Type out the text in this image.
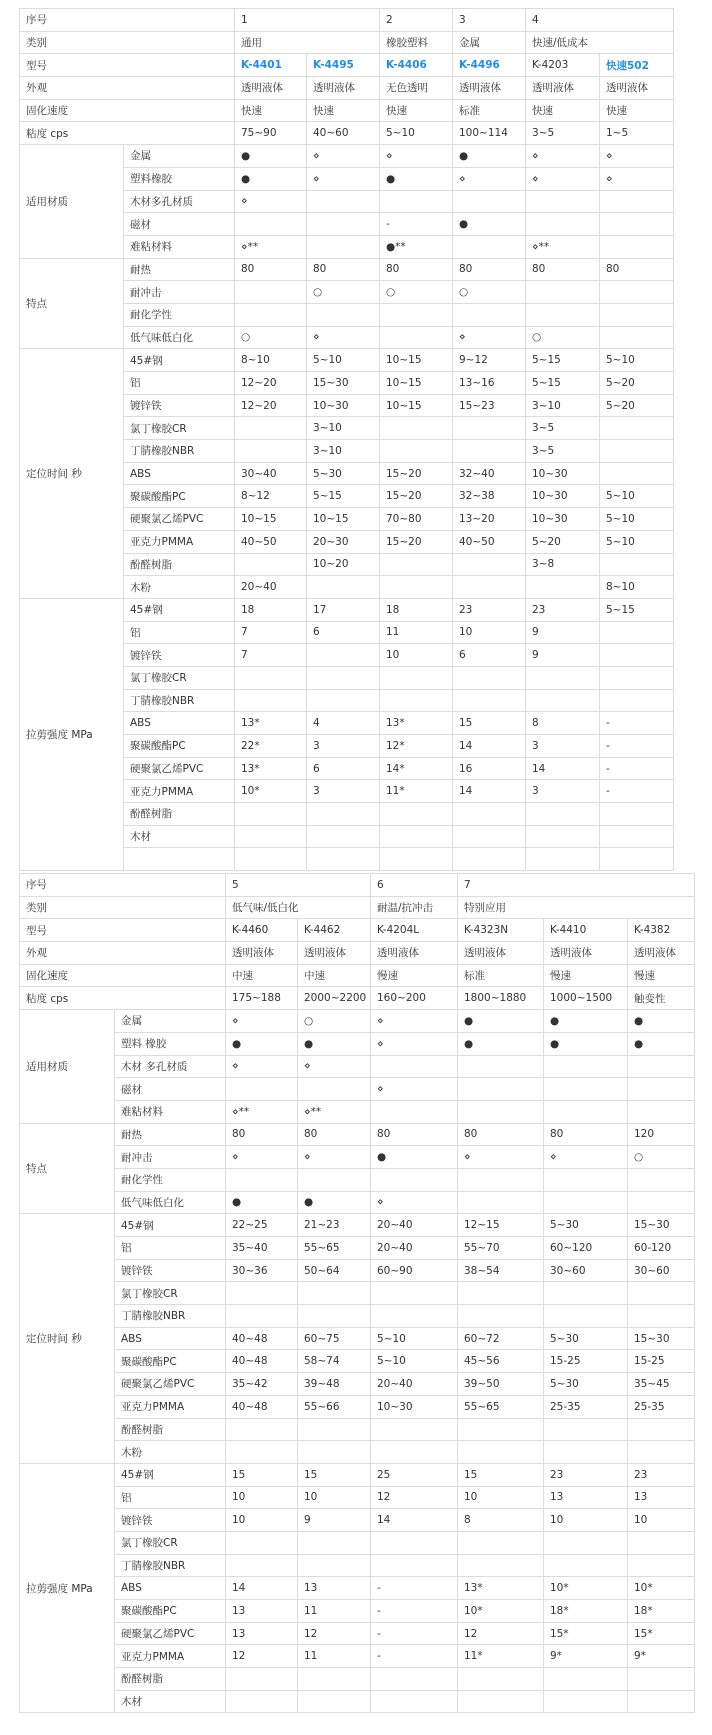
序号		1		2	3	4	
类别		通用		橡胶塑料	金属	快速/低成本	
型号		K-4401	K-4495	K-4406	K-4496	K-4203	快速502
外观		透明液体	透明液体	无色透明	透明液体	透明液体	透明液体
固化速度		快速	快速	快速	标准	快速	快速
粘度 cps		75~90	40~60	5~10	100~114	3~5	1~5
适用材质	金属	●	⋄	⋄	●	⋄	⋄
	塑料橡胶	●	⋄	●	⋄	⋄	⋄
	木材多孔材质	⋄					
	磁材			-	●		
	难粘材料	⋄**		●**		⋄**	
特点	耐热	80	80	80	80	80	80
	耐冲击		○	○	○		
	耐化学性						
	低气味低白化	○	⋄		⋄	○	
定位时间 秒	45#钢	8~10	5~10	10~15	9~12	5~15	5~10
	铝	12~20	15~30	10~15	13~16	5~15	5~20
	镀锌铁	12~20	10~30	10~15	15~23	3~10	5~20
	氯丁橡胶CR		3~10			3~5	
	丁腈橡胶NBR		3~10			3~5	
	ABS	30~40	5~30	15~20	32~40	10~30	
	聚碳酸酯PC	8~12	5~15	15~20	32~38	10~30	5~10
	硬聚氯乙烯PVC	10~15	10~15	70~80	13~20	10~30	5~10
	亚克力PMMA	40~50	20~30	15~20	40~50	5~20	5~10
	酚醛树脂		10~20			3~8	
	木粉	20~40					8~10
拉剪强度 MPa	45#钢	18	17	18	23	23	5~15
	铝	7	6	11	10	9	
	镀锌铁	7		10	6	9	
	氯丁橡胶CR						
	丁腈橡胶NBR						
	ABS	13*	4	13*	15	8	-
	聚碳酸酯PC	22*	3	12*	14	3	-
	硬聚氯乙烯PVC	13*	6	14*	16	14	-
	亚克力PMMA	10*	3	11*	14	3	-
	酚醛树脂						
	木材						

序号		5		6	7		
类别		低气味/低白化		耐温/抗冲击	特别应用		
型号		K-4460	K-4462	K-4204L	K-4323N	K-4410	K-4382
外观		透明液体	透明液体	透明液体	透明液体	透明液体	透明液体
固化速度		中速	中速	慢速	标准	慢速	慢速
粘度 cps		175~188	2000~2200	160~200	1800~1880	1000~1500	触变性
适用材质	金属	⋄	○	⋄	●	●	●
	塑料 橡胶	●	●	⋄	●	●	●
	木材 多孔材质	⋄	⋄				
	磁材			⋄			
	难粘材料	⋄**	⋄**				
特点	耐热	80	80	80	80	80	120
	耐冲击	⋄	⋄	●	⋄	⋄	○
	耐化学性						
	低气味低白化	●	●	⋄			
定位时间 秒	45#钢	22~25	21~23	20~40	12~15	5~30	15~30
	铝	35~40	55~65	20~40	55~70	60~120	60-120
	镀锌铁	30~36	50~64	60~90	38~54	30~60	30~60
	氯丁橡胶CR						
	丁腈橡胶NBR						
	ABS	40~48	60~75	5~10	60~72	5~30	15~30
	聚碳酸酯PC	40~48	58~74	5~10	45~56	15-25	15-25
	硬聚氯乙烯PVC	35~42	39~48	20~40	39~50	5~30	35~45
	亚克力PMMA	40~48	55~66	10~30	55~65	25-35	25-35
	酚醛树脂						
	木粉						
拉剪强度 MPa	45#钢	15	15	25	15	23	23
	铝	10	10	12	10	13	13
	镀锌铁	10	9	14	8	10	10
	氯丁橡胶CR						
	丁腈橡胶NBR						
	ABS	14	13	-	13*	10*	10*
	聚碳酸酯PC	13	11	-	10*	18*	18*
	硬聚氯乙烯PVC	13	12	-	12	15*	15*
	亚克力PMMA	12	11	-	11*	9*	9*
	酚醛树脂						
	木材						
